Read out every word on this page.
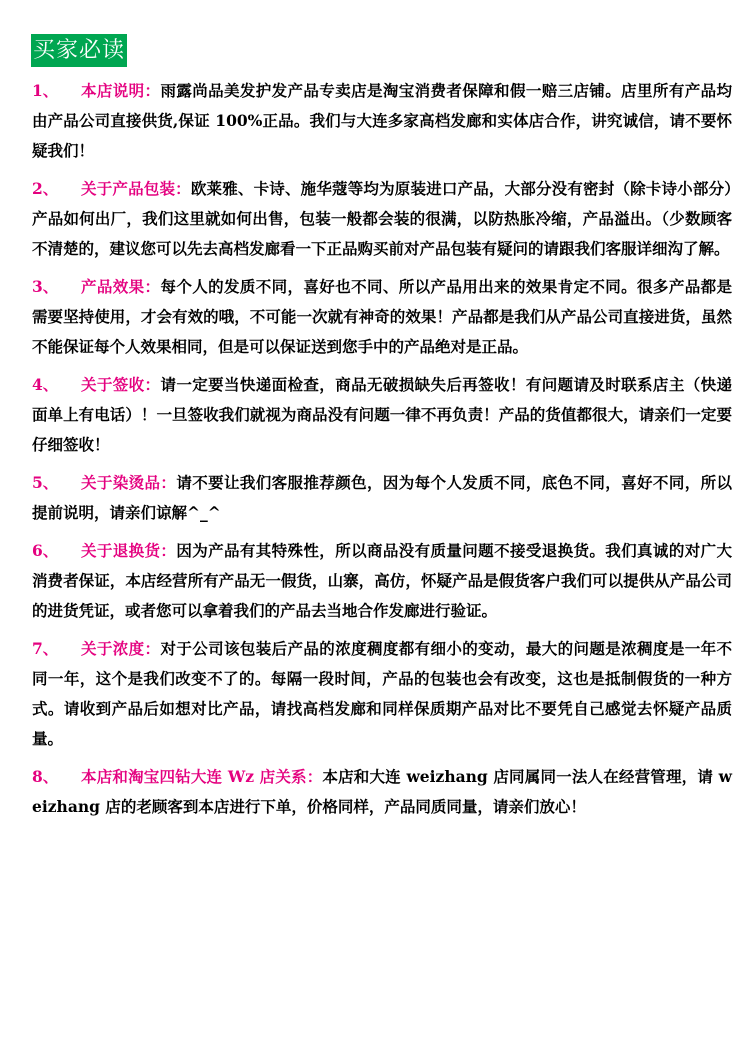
买家必读
1、	本店说明：雨露尚品美发护发产品专卖店是淘宝消费者保障和假一赔三店铺。店里所有产品均由产品公司直接供货,保证 100%正品。我们与大连多家高档发廊和实体店合作，讲究诚信，请不要怀疑我们！
2、	关于产品包装：欧莱雅、卡诗、施华蔻等均为原装进口产品，大部分没有密封（除卡诗小部分）产品如何出厂，我们这里就如何出售，包装一般都会装的很满，以防热胀冷缩，产品溢出。（少数顾客不清楚的，建议您可以先去高档发廊看一下正品购买前对产品包装有疑问的请跟我们客服详细沟了解。
3、	产品效果：每个人的发质不同，喜好也不同、所以产品用出来的效果肯定不同。很多产品都是需要坚持使用，才会有效的哦，不可能一次就有神奇的效果！产品都是我们从产品公司直接进货，虽然不能保证每个人效果相同，但是可以保证送到您手中的产品绝对是正品。
4、	关于签收：请一定要当快递面检查，商品无破损缺失后再签收！有问题请及时联系店主（快递面单上有电话）！一旦签收我们就视为商品没有问题一律不再负责！产品的货值都很大，请亲们一定要仔细签收！
5、	关于染烫品：请不要让我们客服推荐颜色，因为每个人发质不同，底色不同，喜好不同，所以提前说明，请亲们谅解^_^
6、	关于退换货：因为产品有其特殊性，所以商品没有质量问题不接受退换货。我们真诚的对广大消费者保证，本店经营所有产品无一假货，山寨，高仿，怀疑产品是假货客户我们可以提供从产品公司的进货凭证，或者您可以拿着我们的产品去当地合作发廊进行验证。
7、	关于浓度：对于公司该包装后产品的浓度稠度都有细小的变动，最大的问题是浓稠度是一年不同一年，这个是我们改变不了的。每隔一段时间，产品的包装也会有改变，这也是抵制假货的一种方式。请收到产品后如想对比产品，请找高档发廊和同样保质期产品对比不要凭自己感觉去怀疑产品质量。
8、	本店和淘宝四钻大连 Wz 店关系：本店和大连 weizhang 店同属同一法人在经营管理，请 weizhang 店的老顾客到本店进行下单，价格同样，产品同质同量，请亲们放心！
